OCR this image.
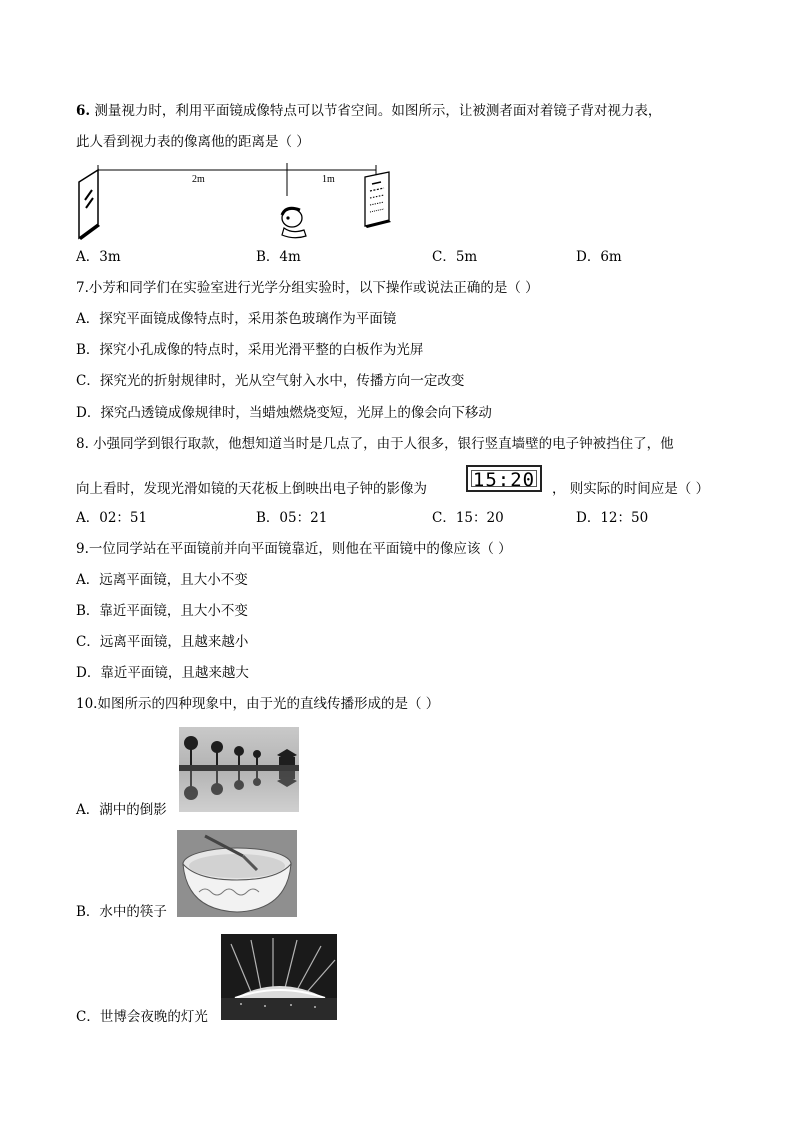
6. 测量视力时，利用平面镜成像特点可以节省空间。如图所示，让被测者面对着镜子背对视力表，
此人看到视力表的像离他的距离是（ ）
2m	1m
A．3m	B．4m	C．5m	D．6m
7.小芳和同学们在实验室进行光学分组实验时，以下操作或说法正确的是（ ）
A．探究平面镜成像特点时，采用茶色玻璃作为平面镜
B．探究小孔成像的特点时，采用光滑平整的白板作为光屏
C．探究光的折射规律时，光从空气射入水中，传播方向一定改变
D．探究凸透镜成像规律时，当蜡烛燃烧变短，光屏上的像会向下移动
8. 小强同学到银行取款，他想知道当时是几点了，由于人很多，银行竖直墙壁的电子钟被挡住了，他
向上看时，发现光滑如镜的天花板上倒映出电子钟的影像为 15:20 ， 则实际的时间应是（ ）
A．02：51	B．05：21	C．15：20	D．12：50
9.一位同学站在平面镜前并向平面镜靠近，则他在平面镜中的像应该（ ）
A．远离平面镜，且大小不变
B．靠近平面镜，且大小不变
C．远离平面镜，且越来越小
D．靠近平面镜，且越来越大
10.如图所示的四种现象中，由于光的直线传播形成的是（ ）
A．湖中的倒影
B．水中的筷子
C．世博会夜晚的灯光
